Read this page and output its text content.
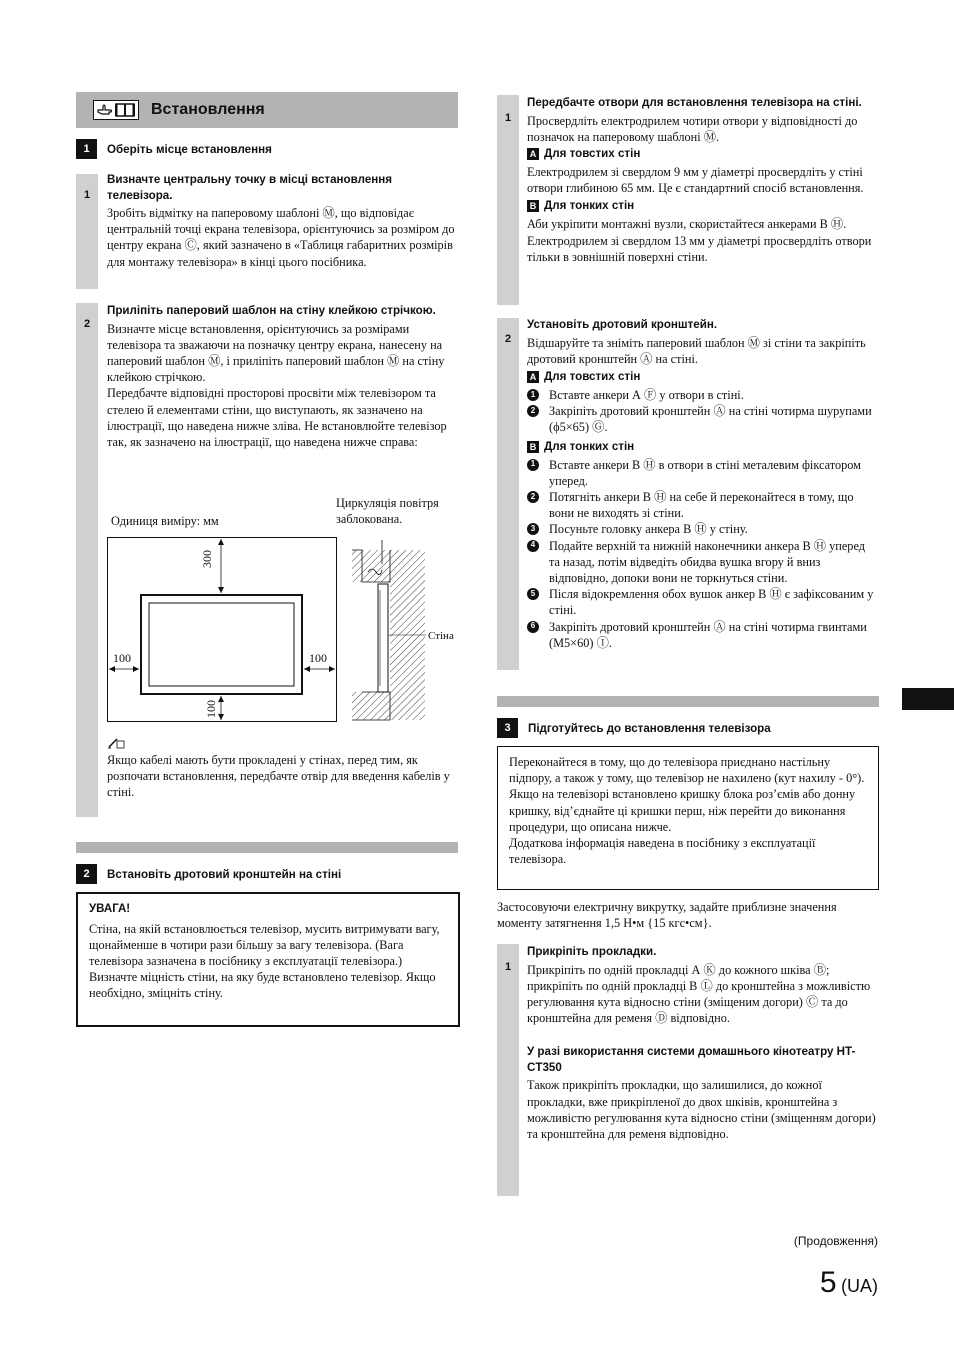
Встановлення
1	Оберіть місце встановлення
1

Визначте центральну точку в місці встановлення телевізора.

Зробіть відмітку на паперовому шаблоні Ⓜ, що відповідає центральній точці екрана телевізора, орієнтуючись за розміром до центру екрана Ⓒ, який зазначено в «Таблиця габаритних розмірів для монтажу телевізора» в кінці цього посібника.

2

Приліпіть паперовий шаблон на стіну клейкою стрічкою.

Визначте місце встановлення, орієнтуючись за розмірами телевізора та зважаючи на позначку центру екрана, нанесену на паперовий шаблон Ⓜ, і приліпіть паперовий шаблон Ⓜ на стіну клейкою стрічкою.

Передбачте відповідні просторові просвіти між телевізором та стелею й елементами стіни, що виступають, як зазначено на ілюстрації, що наведена нижче зліва. Не встановлюйте телевізор так, як зазначено на ілюстрації, що наведена нижче справа:

Циркуляція повітря заблокована.
Одиниця виміру: мм
100	100
300
100
Стіна

Якщо кабелі мають бути прокладені у стінах, перед тим, як розпочати встановлення, передбачте отвір для введення кабелів у стіні.

2	Встановіть дротовий кронштейн на стіні

УВАГА!

Стіна, на якій встановлюється телевізор, мусить витримувати вагу, щонайменше в чотири рази більшу за вагу телевізора. (Вага телевізора зазначена в посібнику з експлуатації телевізора.)

Визначте міцність стіни, на яку буде встановлено телевізор. Якщо необхідно, зміцніть стіну.

1

Передбачте отвори для встановлення телевізора на стіні.

Просвердліть електродрилем чотири отвори у відповідності до позначок на паперовому шаблоні Ⓜ.

A Для товстих стін

Електродрилем зі свердлом 9 мм у діаметрі просвердліть у стіні отвори глибиною 65 мм. Це є стандартний спосіб встановлення.

B Для тонких стін

Аби укріпити монтажні вузли, скористайтеся анкерами В Ⓗ. Електродрилем зі свердлом 13 мм у діаметрі просвердліть отвори тільки в зовнішній поверхні стіни.

2

Установіть дротовий кронштейн.

Відшаруйте та зніміть паперовий шаблон Ⓜ зі стіни та закріпіть дротовий кронштейн Ⓐ на стіні.

A Для товстих стін
1	Вставте анкери А Ⓕ у отвори в стіні.
2	Закріпіть дротовий кронштейн Ⓐ на стіні чотирма шурупами (ϕ5×65) Ⓖ.
B Для тонких стін
1	Вставте анкери В Ⓗ в отвори в стіні металевим фіксатором уперед.
2	Потягніть анкери В Ⓗ на себе й переконайтеся в тому, що вони не виходять зі стіни.
3	Посуньте головку анкера В Ⓗ у стіну.
4	Подайте верхній та нижній наконечники анкера В Ⓗ уперед та назад, потім відведіть обидва вушка вгору й вниз відповідно, допоки вони не торкнуться стіни.
5	Після відокремлення обох вушок анкер В Ⓗ є зафіксованим у стіні.
6	Закріпіть дротовий кронштейн Ⓐ на стіні чотирма гвинтами (M5×60) Ⓘ.
3	Підготуйтесь до встановлення телевізора

Переконайтеся в тому, що до телевізора приєднано настільну підпору, а також у тому, що телевізор не нахилено (кут нахилу - 0°). Якщо на телевізорі встановлено кришку блока роз’ємів або донну кришку, від’єднайте ці кришки перш, ніж перейти до виконання процедури, що описана нижче.

Додаткова інформація наведена в посібнику з експлуатації телевізора.

Застосовуючи електричну викрутку, задайте приблизне значення моменту затягнення 1,5 Н•м {15 кгс•см}.

1

Прикріпіть прокладки.

Прикріпіть по одній прокладці А Ⓚ до кожного шківа Ⓑ; прикріпіть по одній прокладці В Ⓛ до кронштейна з можливістю регулювання кута відносно стіни (зміщеним догори) Ⓒ та до кронштейна для ременя Ⓓ відповідно.

У разі використання системи домашнього кінотеатру HT-CT350

Також прикріпіть прокладки, що залишилися, до кожної прокладки, вже прикріпленої до двох шківів, кронштейна з можливістю регулювання кута відносно стіни (зміщенням догори) та кронштейна для ременя відповідно.

(Продовження)
5 (UA)
